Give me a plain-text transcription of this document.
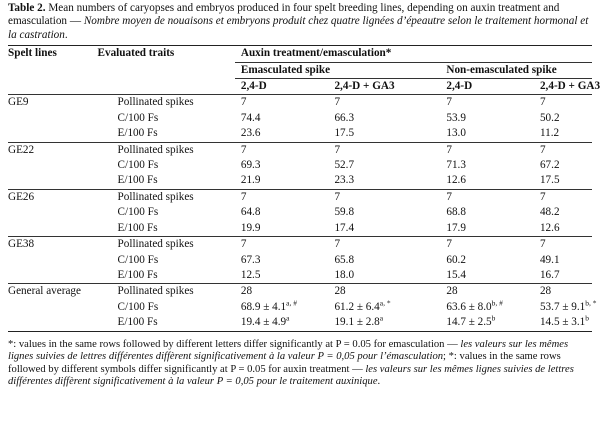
Table 2. Mean numbers of caryopses and embryos produced in four spelt breeding lines, depending on auxin treatment and emasculation — Nombre moyen de nouaisons et embryons produit chez quatre lignées d’épeautre selon le traitement hormonal et la castration.

Spelt lines	Evaluated traits	Auxin treatment/emasculation*			
		Emasculated spike		Non-emasculated spike	
		2,4-D	2,4-D + GA3	2,4-D	2,4-D + GA3
GE9	Pollinated spikes	7	7	7	7
	C/100 Fs	74.4	66.3	53.9	50.2
	E/100 Fs	23.6	17.5	13.0	11.2
GE22	Pollinated spikes	7	7	7	7
	C/100 Fs	69.3	52.7	71.3	67.2
	E/100 Fs	21.9	23.3	12.6	17.5
GE26	Pollinated spikes	7	7	7	7
	C/100 Fs	64.8	59.8	68.8	48.2
	E/100 Fs	19.9	17.4	17.9	12.6
GE38	Pollinated spikes	7	7	7	7
	C/100 Fs	67.3	65.8	60.2	49.1
	E/100 Fs	12.5	18.0	15.4	16.7
General average	Pollinated spikes	28	28	28	28
	C/100 Fs	$68.9 \pm 4.1^{a, \#}$	$61.2 \pm 6.4^{a, *}$	$63.6 \pm 8.0^{b, \#}$	$53.7 \pm 9.1^{b, *}$
	E/100 Fs	19.4 ± 4.9$^a$	19.1 ± 2.8$^a$	14.7 ± 2.5$^b$	14.5 ± 3.1$^b$
*: values in the same rows followed by different letters differ significantly at P = 0.05 for emasculation — les valeurs sur les mêmes lignes suivies de lettres différentes diffèrent significativement à la valeur P = 0,05 pour l’émasculation; *: values in the same rows followed by different symbols differ significantly at P = 0.05 for auxin treatment — les valeurs sur les mêmes lignes suivies de lettres différentes diffèrent significativement à la valeur P = 0,05 pour le traitement auxinique.
